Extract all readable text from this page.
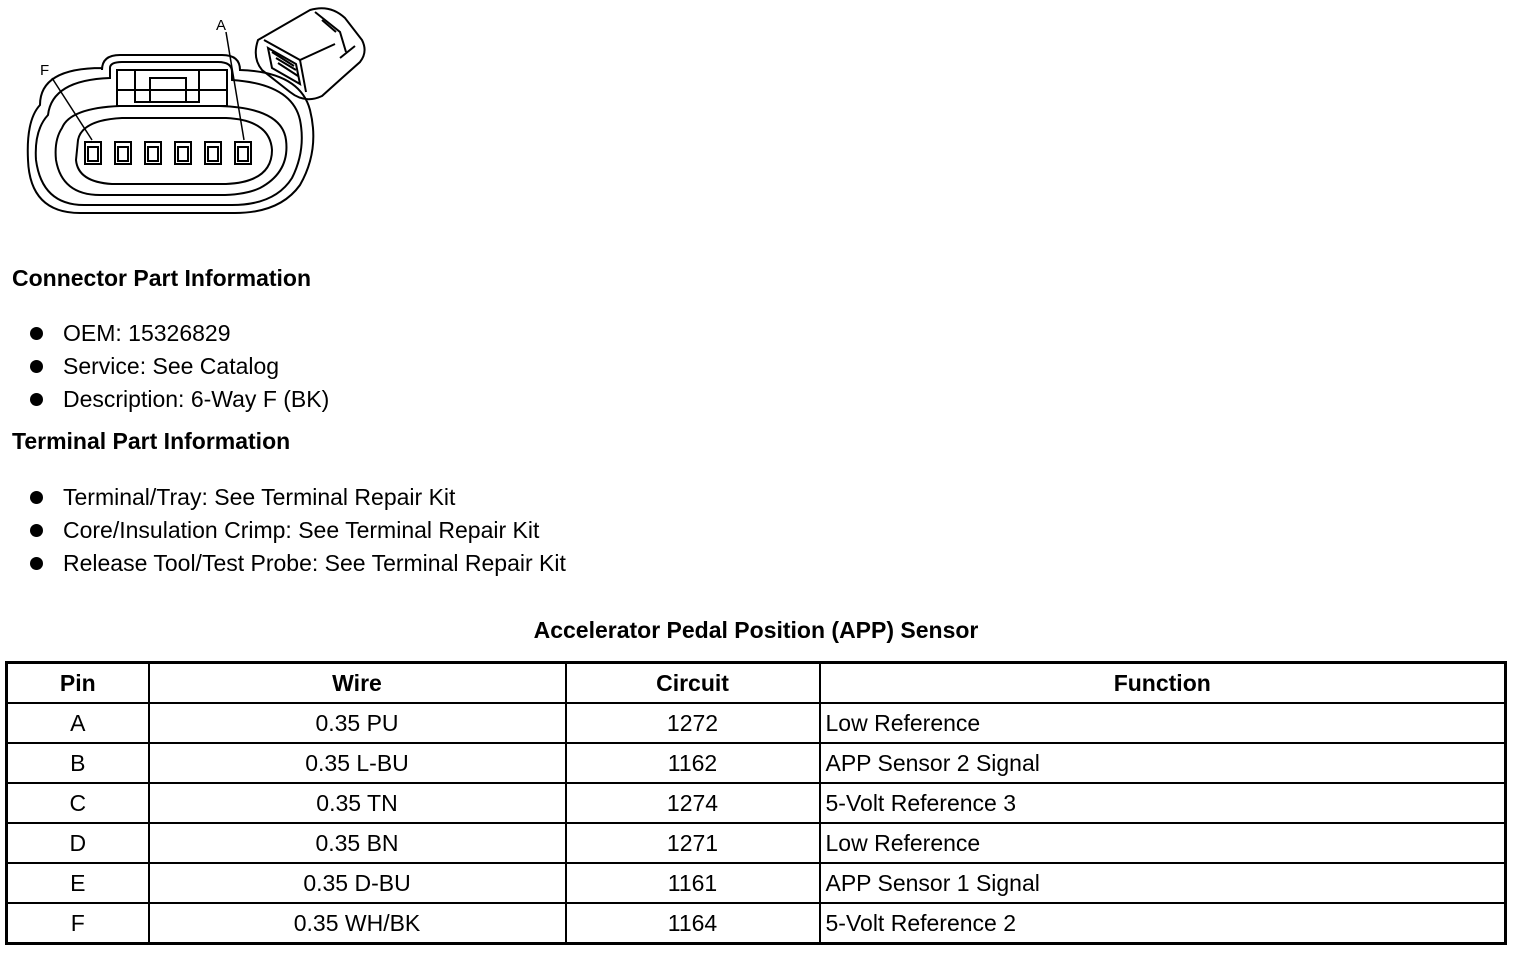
A
F
Connector Part Information
OEM: 15326829
Service: See Catalog
Description: 6-Way F (BK)
Terminal Part Information
Terminal/Tray: See Terminal Repair Kit
Core/Insulation Crimp: See Terminal Repair Kit
Release Tool/Test Probe: See Terminal Repair Kit
Accelerator Pedal Position (APP) Sensor
Pin	Wire	Circuit	Function
A	0.35 PU	1272	Low Reference
B	0.35 L-BU	1162	APP Sensor 2 Signal
C	0.35 TN	1274	5-Volt Reference 3
D	0.35 BN	1271	Low Reference
E	0.35 D-BU	1161	APP Sensor 1 Signal
F	0.35 WH/BK	1164	5-Volt Reference 2
